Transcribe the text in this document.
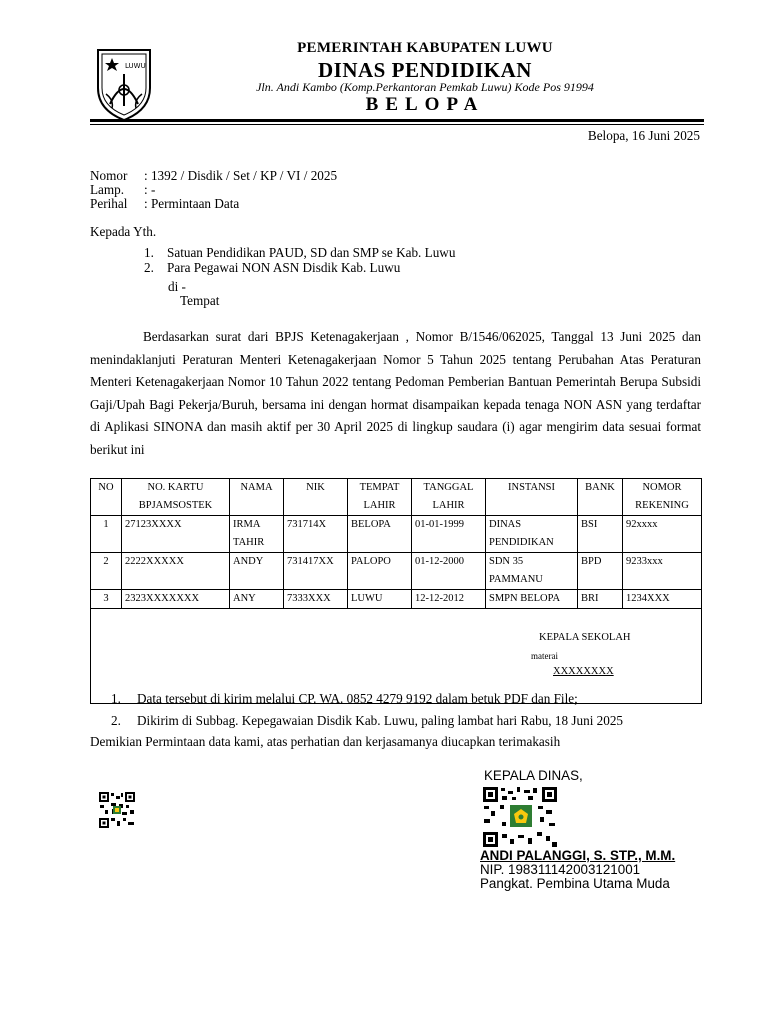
LUWU
PEMERINTAH KABUPATEN LUWU
DINAS PENDIDIKAN
Jln. Andi Kambo (Komp.Perkantoran Pemkab Luwu) Kode Pos 91994
BELOPA
Belopa, 16 Juni 2025
Nomor : 1392 / Disdik / Set / KP / VI / 2025
Lamp. : -
Perihal : Permintaan Data
Kepada Yth.
1. Satuan Pendidikan PAUD, SD dan SMP se Kab. Luwu
2. Para Pegawai NON ASN Disdik Kab. Luwu
di -
Tempat
Berdasarkan surat dari BPJS Ketenagakerjaan , Nomor B/1546/062025, Tanggal 13 Juni 2025 dan menindaklanjuti Peraturan Menteri Ketenagakerjaan Nomor 5 Tahun 2025 tentang Perubahan Atas Peraturan Menteri Ketenagakerjaan Nomor 10 Tahun 2022 tentang Pedoman Pemberian Bantuan Pemerintah Berupa Subsidi Gaji/Upah Bagi Pekerja/Buruh, bersama ini dengan hormat disampaikan kepada tenaga NON ASN yang terdaftar di Aplikasi SINONA dan masih aktif per 30 April 2025 di lingkup saudara (i) agar mengirim data sesuai format berikut ini
NO	NO. KARTU BPJAMSOSTEK	NAMA	NIK	TEMPAT LAHIR	TANGGAL LAHIR	INSTANSI	BANK	NOMOR REKENING
1	27123XXXX	IRMA TAHIR	731714X	BELOPA	01-01-1999	DINAS PENDIDIKAN	BSI	92xxxx
2	2222XXXXX	ANDY	731417XX	PALOPO	01-12-2000	SDN 35 PAMMANU	BPD	9233xxx
3	2323XXXXXXX	ANY	7333XXX	LUWU	12-12-2012	SMPN BELOPA	BRI	1234XXX

KEPALA SEKOLAH
materai
XXXXXXXX								
1. Data tersebut di kirim melalui CP. WA. 0852 4279 9192 dalam betuk PDF dan File;
2. Dikirim di Subbag. Kepegawaian Disdik Kab. Luwu, paling lambat hari Rabu, 18 Juni 2025
Demikian Permintaan data kami, atas perhatian dan kerjasamanya diucapkan terimakasih
KEPALA DINAS,
ANDI PALANGGI, S. STP., M.M.
NIP. 198311142003121001
Pangkat. Pembina Utama Muda
